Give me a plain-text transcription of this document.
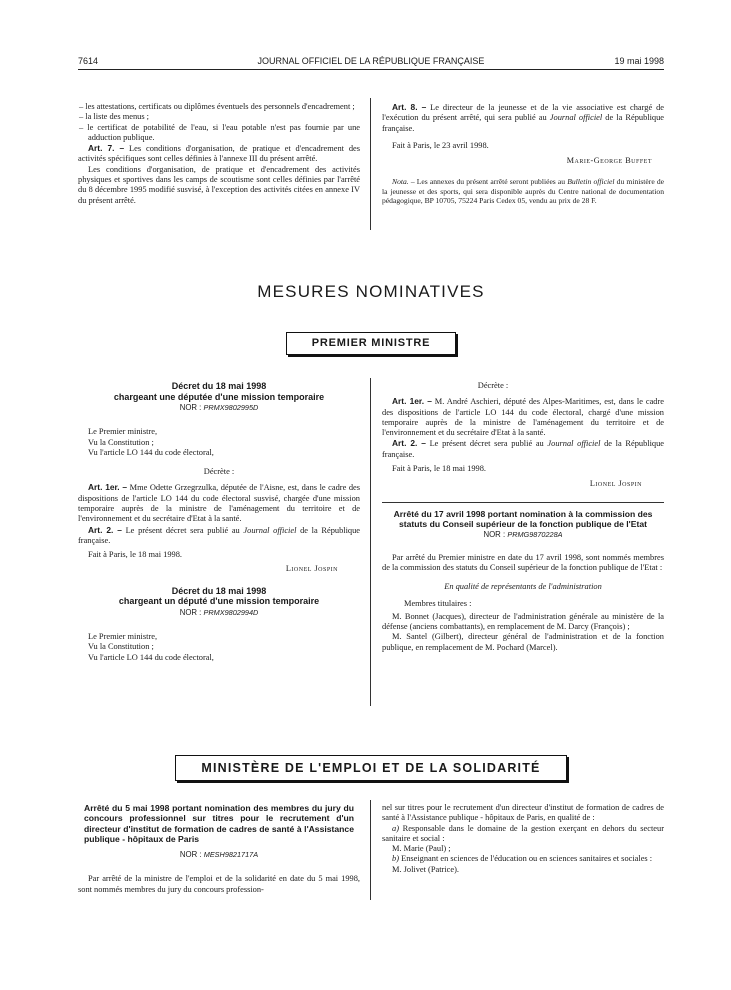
7614	JOURNAL OFFICIEL DE LA RÉPUBLIQUE FRANÇAISE	19 mai 1998

– les attestations, certificats ou diplômes éventuels des personnels d'encadrement ;

– la liste des menus ;

– le certificat de potabilité de l'eau, si l'eau potable n'est pas fournie par une adduction publique.

Art. 7. – Les conditions d'organisation, de pratique et d'encadrement des activités spécifiques sont celles définies à l'annexe III du présent arrêté.

Les conditions d'organisation, de pratique et d'encadrement des activités physiques et sportives dans les camps de scoutisme sont celles définies par l'arrêté du 8 décembre 1995 modifié susvisé, à l'exception des activités citées en annexe IV du présent arrêté.

Art. 8. – Le directeur de la jeunesse et de la vie associative est chargé de l'exécution du présent arrêté, qui sera publié au Journal officiel de la République française.

Fait à Paris, le 23 avril 1998.

Marie-George Buffet

Nota. – Les annexes du présent arrêté seront publiées au Bulletin officiel du ministère de la jeunesse et des sports, qui sera disponible auprès du Centre national de documentation pédagogique, BP 10705, 75224 Paris Cedex 05, vendu au prix de 28 F.

MESURES NOMINATIVES
PREMIER MINISTRE
Décret du 18 mai 1998
chargeant une députée d'une mission temporaire
NOR : PRMX9802995D

Le Premier ministre,

Vu la Constitution ;

Vu l'article LO 144 du code électoral,

Décrète :

Art. 1er. – Mme Odette Grzegrzulka, députée de l'Aisne, est, dans le cadre des dispositions de l'article LO 144 du code électoral susvisé, chargée d'une mission temporaire auprès de la ministre de l'aménagement du territoire et de l'environnement et du secrétaire d'Etat à la santé.

Art. 2. – Le présent décret sera publié au Journal officiel de la République française.

Fait à Paris, le 18 mai 1998.

Lionel Jospin

Décret du 18 mai 1998
chargeant un député d'une mission temporaire
NOR : PRMX9802994D

Le Premier ministre,

Vu la Constitution ;

Vu l'article LO 144 du code électoral,

Décrète :

Art. 1er. – M. André Aschieri, député des Alpes-Maritimes, est, dans le cadre des dispositions de l'article LO 144 du code électoral, chargé d'une mission temporaire auprès de la ministre de l'aménagement du territoire et de l'environnement et du secrétaire d'Etat à la santé.

Art. 2. – Le présent décret sera publié au Journal officiel de la République française.

Fait à Paris, le 18 mai 1998.

Lionel Jospin

Arrêté du 17 avril 1998 portant nomination à la commission des statuts du Conseil supérieur de la fonction publique de l'Etat
NOR : PRMG9870228A

Par arrêté du Premier ministre en date du 17 avril 1998, sont nommés membres de la commission des statuts du Conseil supérieur de la fonction publique de l'Etat :

En qualité de représentants de l'administration

Membres titulaires :

M. Bonnet (Jacques), directeur de l'administration générale au ministère de la défense (anciens combattants), en remplacement de M. Darcy (François) ;

M. Santel (Gilbert), directeur général de l'administration et de la fonction publique, en remplacement de M. Pochard (Marcel).

MINISTÈRE DE L'EMPLOI ET DE LA SOLIDARITÉ
Arrêté du 5 mai 1998 portant nomination des membres du jury du concours professionnel sur titres pour le recrutement d'un directeur d'institut de formation de cadres de santé à l'Assistance publique - hôpitaux de Paris
NOR : MESH9821717A

Par arrêté de la ministre de l'emploi et de la solidarité en date du 5 mai 1998, sont nommés membres du jury du concours profession-

nel sur titres pour le recrutement d'un directeur d'institut de formation de cadres de santé à l'Assistance publique - hôpitaux de Paris, en qualité de :

a) Responsable dans le domaine de la gestion exerçant en dehors du secteur sanitaire et social :

M. Marie (Paul) ;

b) Enseignant en sciences de l'éducation ou en sciences sanitaires et sociales :

M. Jolivet (Patrice).
